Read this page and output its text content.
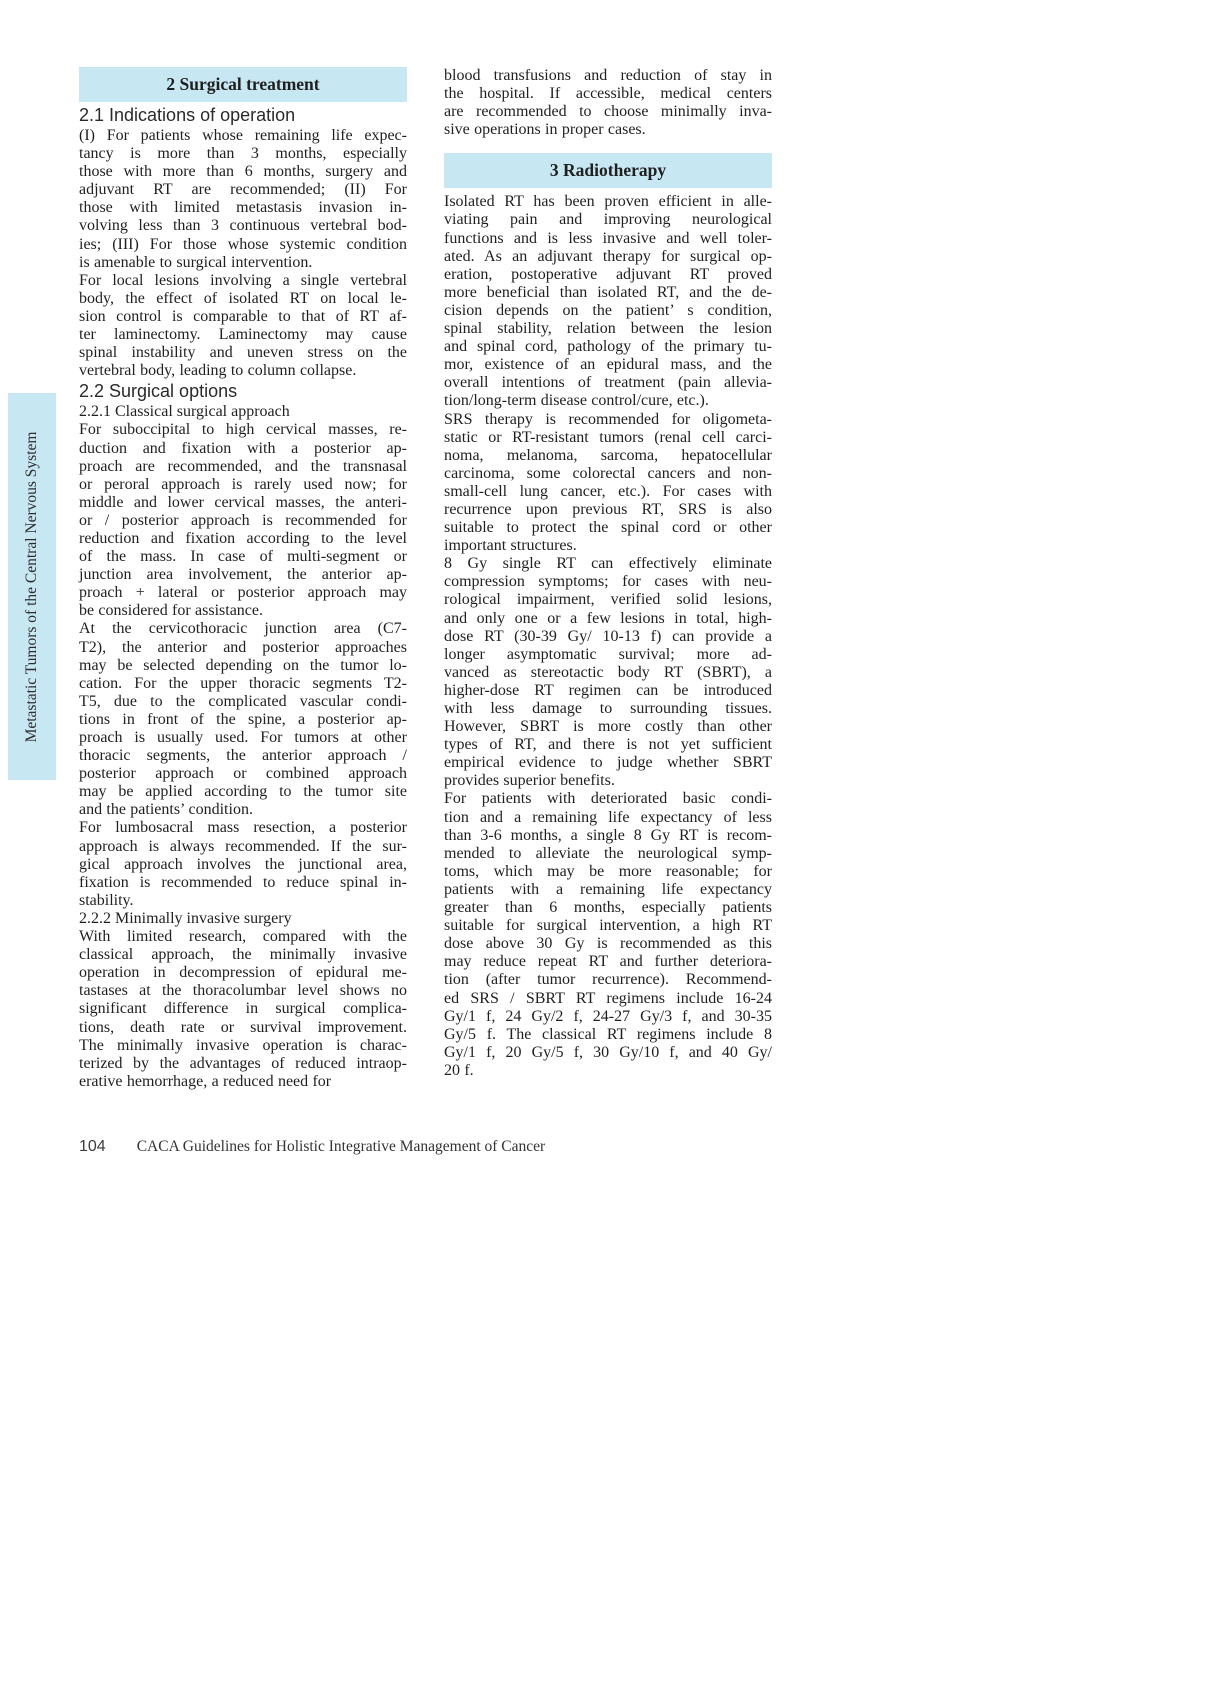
Metastatic Tumors of the Central Nervous System
2 Surgical treatment
2.1 Indications of operation
(I) For patients whose remaining life expec-
tancy is more than 3 months, especially
those with more than 6 months, surgery and
adjuvant RT are recommended; (II) For
those with limited metastasis invasion in-
volving less than 3 continuous vertebral bod-
ies; (III) For those whose systemic condition
is amenable to surgical intervention.
For local lesions involving a single vertebral
body, the effect of isolated RT on local le-
sion control is comparable to that of RT af-
ter laminectomy. Laminectomy may cause
spinal instability and uneven stress on the
vertebral body, leading to column collapse.
2.2 Surgical options
2.2.1 Classical surgical approach
For suboccipital to high cervical masses, re-
duction and fixation with a posterior ap-
proach are recommended, and the transnasal
or peroral approach is rarely used now; for
middle and lower cervical masses, the anteri-
or / posterior approach is recommended for
reduction and fixation according to the level
of the mass. In case of multi-segment or
junction area involvement, the anterior ap-
proach + lateral or posterior approach may
be considered for assistance.
At the cervicothoracic junction area (C7-
T2), the anterior and posterior approaches
may be selected depending on the tumor lo-
cation. For the upper thoracic segments T2-
T5, due to the complicated vascular condi-
tions in front of the spine, a posterior ap-
proach is usually used. For tumors at other
thoracic segments, the anterior approach /
posterior approach or combined approach
may be applied according to the tumor site
and the patients’ condition.
For lumbosacral mass resection, a posterior
approach is always recommended. If the sur-
gical approach involves the junctional area,
fixation is recommended to reduce spinal in-
stability.
2.2.2 Minimally invasive surgery
With limited research, compared with the
classical approach, the minimally invasive
operation in decompression of epidural me-
tastases at the thoracolumbar level shows no
significant difference in surgical complica-
tions, death rate or survival improvement.
The minimally invasive operation is charac-
terized by the advantages of reduced intraop-
erative hemorrhage, a reduced need for
blood transfusions and reduction of stay in
the hospital. If accessible, medical centers
are recommended to choose minimally inva-
sive operations in proper cases.
3 Radiotherapy
Isolated RT has been proven efficient in alle-
viating pain and improving neurological
functions and is less invasive and well toler-
ated. As an adjuvant therapy for surgical op-
eration, postoperative adjuvant RT proved
more beneficial than isolated RT, and the de-
cision depends on the patient’ s condition,
spinal stability, relation between the lesion
and spinal cord, pathology of the primary tu-
mor, existence of an epidural mass, and the
overall intentions of treatment (pain allevia-
tion/long-term disease control/cure, etc.).
SRS therapy is recommended for oligometa-
static or RT-resistant tumors (renal cell carci-
noma, melanoma, sarcoma, hepatocellular
carcinoma, some colorectal cancers and non-
small-cell lung cancer, etc.). For cases with
recurrence upon previous RT, SRS is also
suitable to protect the spinal cord or other
important structures.
8 Gy single RT can effectively eliminate
compression symptoms; for cases with neu-
rological impairment, verified solid lesions,
and only one or a few lesions in total, high-
dose RT (30-39 Gy/ 10-13 f) can provide a
longer asymptomatic survival; more ad-
vanced as stereotactic body RT (SBRT), a
higher-dose RT regimen can be introduced
with less damage to surrounding tissues.
However, SBRT is more costly than other
types of RT, and there is not yet sufficient
empirical evidence to judge whether SBRT
provides superior benefits.
For patients with deteriorated basic condi-
tion and a remaining life expectancy of less
than 3-6 months, a single 8 Gy RT is recom-
mended to alleviate the neurological symp-
toms, which may be more reasonable; for
patients with a remaining life expectancy
greater than 6 months, especially patients
suitable for surgical intervention, a high RT
dose above 30 Gy is recommended as this
may reduce repeat RT and further deteriora-
tion (after tumor recurrence). Recommend-
ed SRS / SBRT RT regimens include 16-24
Gy/1 f, 24 Gy/2 f, 24-27 Gy/3 f, and 30-35
Gy/5 f. The classical RT regimens include 8
Gy/1 f, 20 Gy/5 f, 30 Gy/10 f, and 40 Gy/
20 f.
104 CACA Guidelines for Holistic Integrative Management of Cancer
